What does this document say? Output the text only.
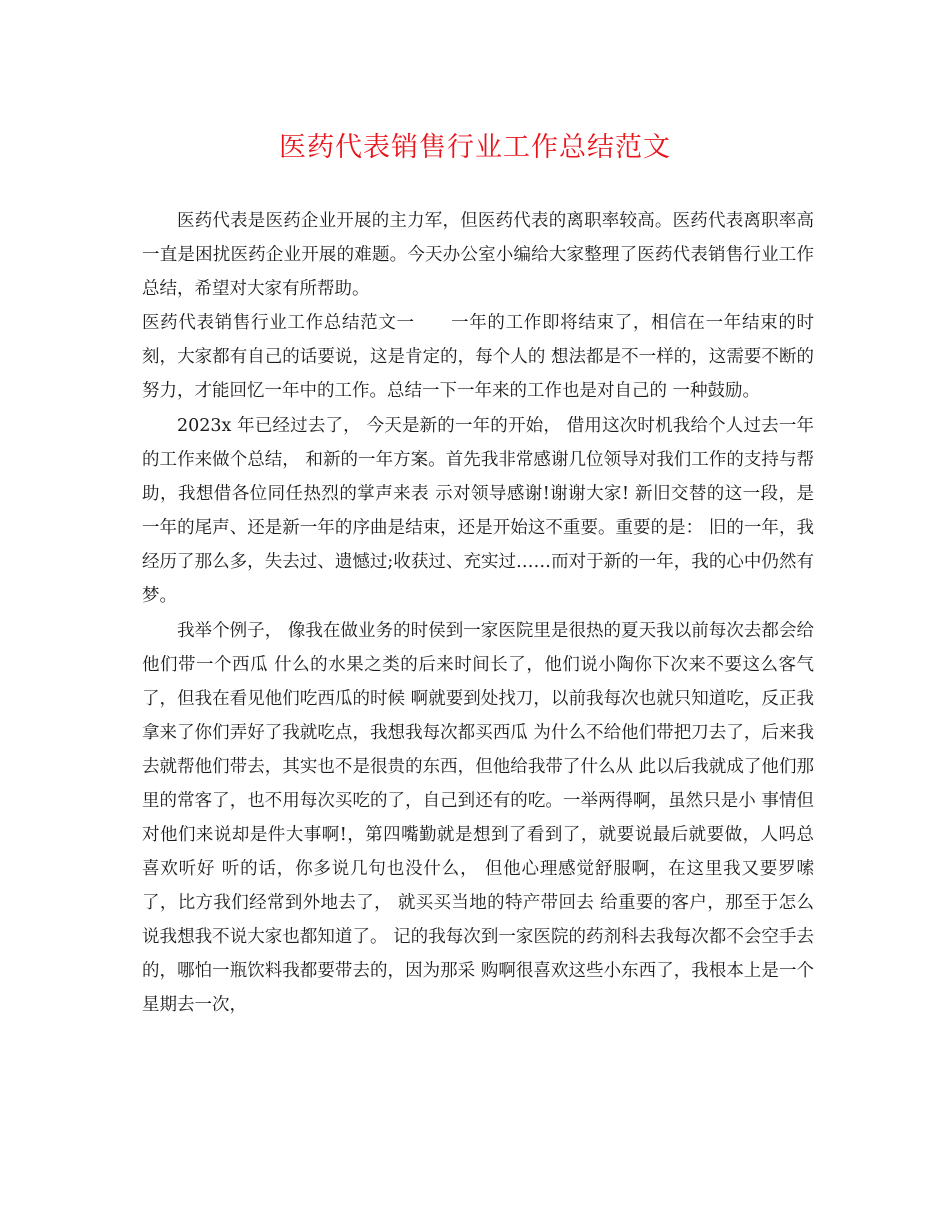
医药代表销售行业工作总结范文

医药代表是医药企业开展的主力军，但医药代表的离职率较高。医药代表离职率高一直是困扰医药企业开展的难题。今天办公室小编给大家整理了医药代表销售行业工作总结，希望对大家有所帮助。

医药代表销售行业工作总结范文一　　一年的工作即将结束了，相信在一年结束的时刻，大家都有自己的话要说，这是肯定的，每个人的 想法都是不一样的，这需要不断的努力，才能回忆一年中的工作。总结一下一年来的工作也是对自己的 一种鼓励。

2023x 年已经过去了， 今天是新的一年的开始， 借用这次时机我给个人过去一年的工作来做个总结， 和新的一年方案。首先我非常感谢几位领导对我们工作的支持与帮助，我想借各位同任热烈的掌声来表 示对领导感谢!谢谢大家! 新旧交替的这一段，是一年的尾声、还是新一年的序曲是结束，还是开始这不重要。重要的是： 旧的一年，我经历了那么多，失去过、遗憾过;收获过、充实过……而对于新的一年，我的心中仍然有 梦。

我举个例子， 像我在做业务的时侯到一家医院里是很热的夏天我以前每次去都会给他们带一个西瓜 什么的水果之类的后来时间长了，他们说小陶你下次来不要这么客气了，但我在看见他们吃西瓜的时候 啊就要到处找刀，以前我每次也就只知道吃，反正我拿来了你们弄好了我就吃点，我想我每次都买西瓜 为什么不给他们带把刀去了，后来我去就帮他们带去，其实也不是很贵的东西，但他给我带了什么从 此以后我就成了他们那里的常客了，也不用每次买吃的了，自己到还有的吃。一举两得啊，虽然只是小 事情但对他们来说却是件大事啊!，第四嘴勤就是想到了看到了，就要说最后就要做，人吗总喜欢听好 听的话，你多说几句也没什么， 但他心理感觉舒服啊，在这里我又要罗嗦了，比方我们经常到外地去了， 就买买当地的特产带回去 给重要的客户，那至于怎么说我想我不说大家也都知道了。 记的我每次到一家医院的药剂科去我每次都不会空手去的，哪怕一瓶饮料我都要带去的，因为那采 购啊很喜欢这些小东西了，我根本上是一个星期去一次，
